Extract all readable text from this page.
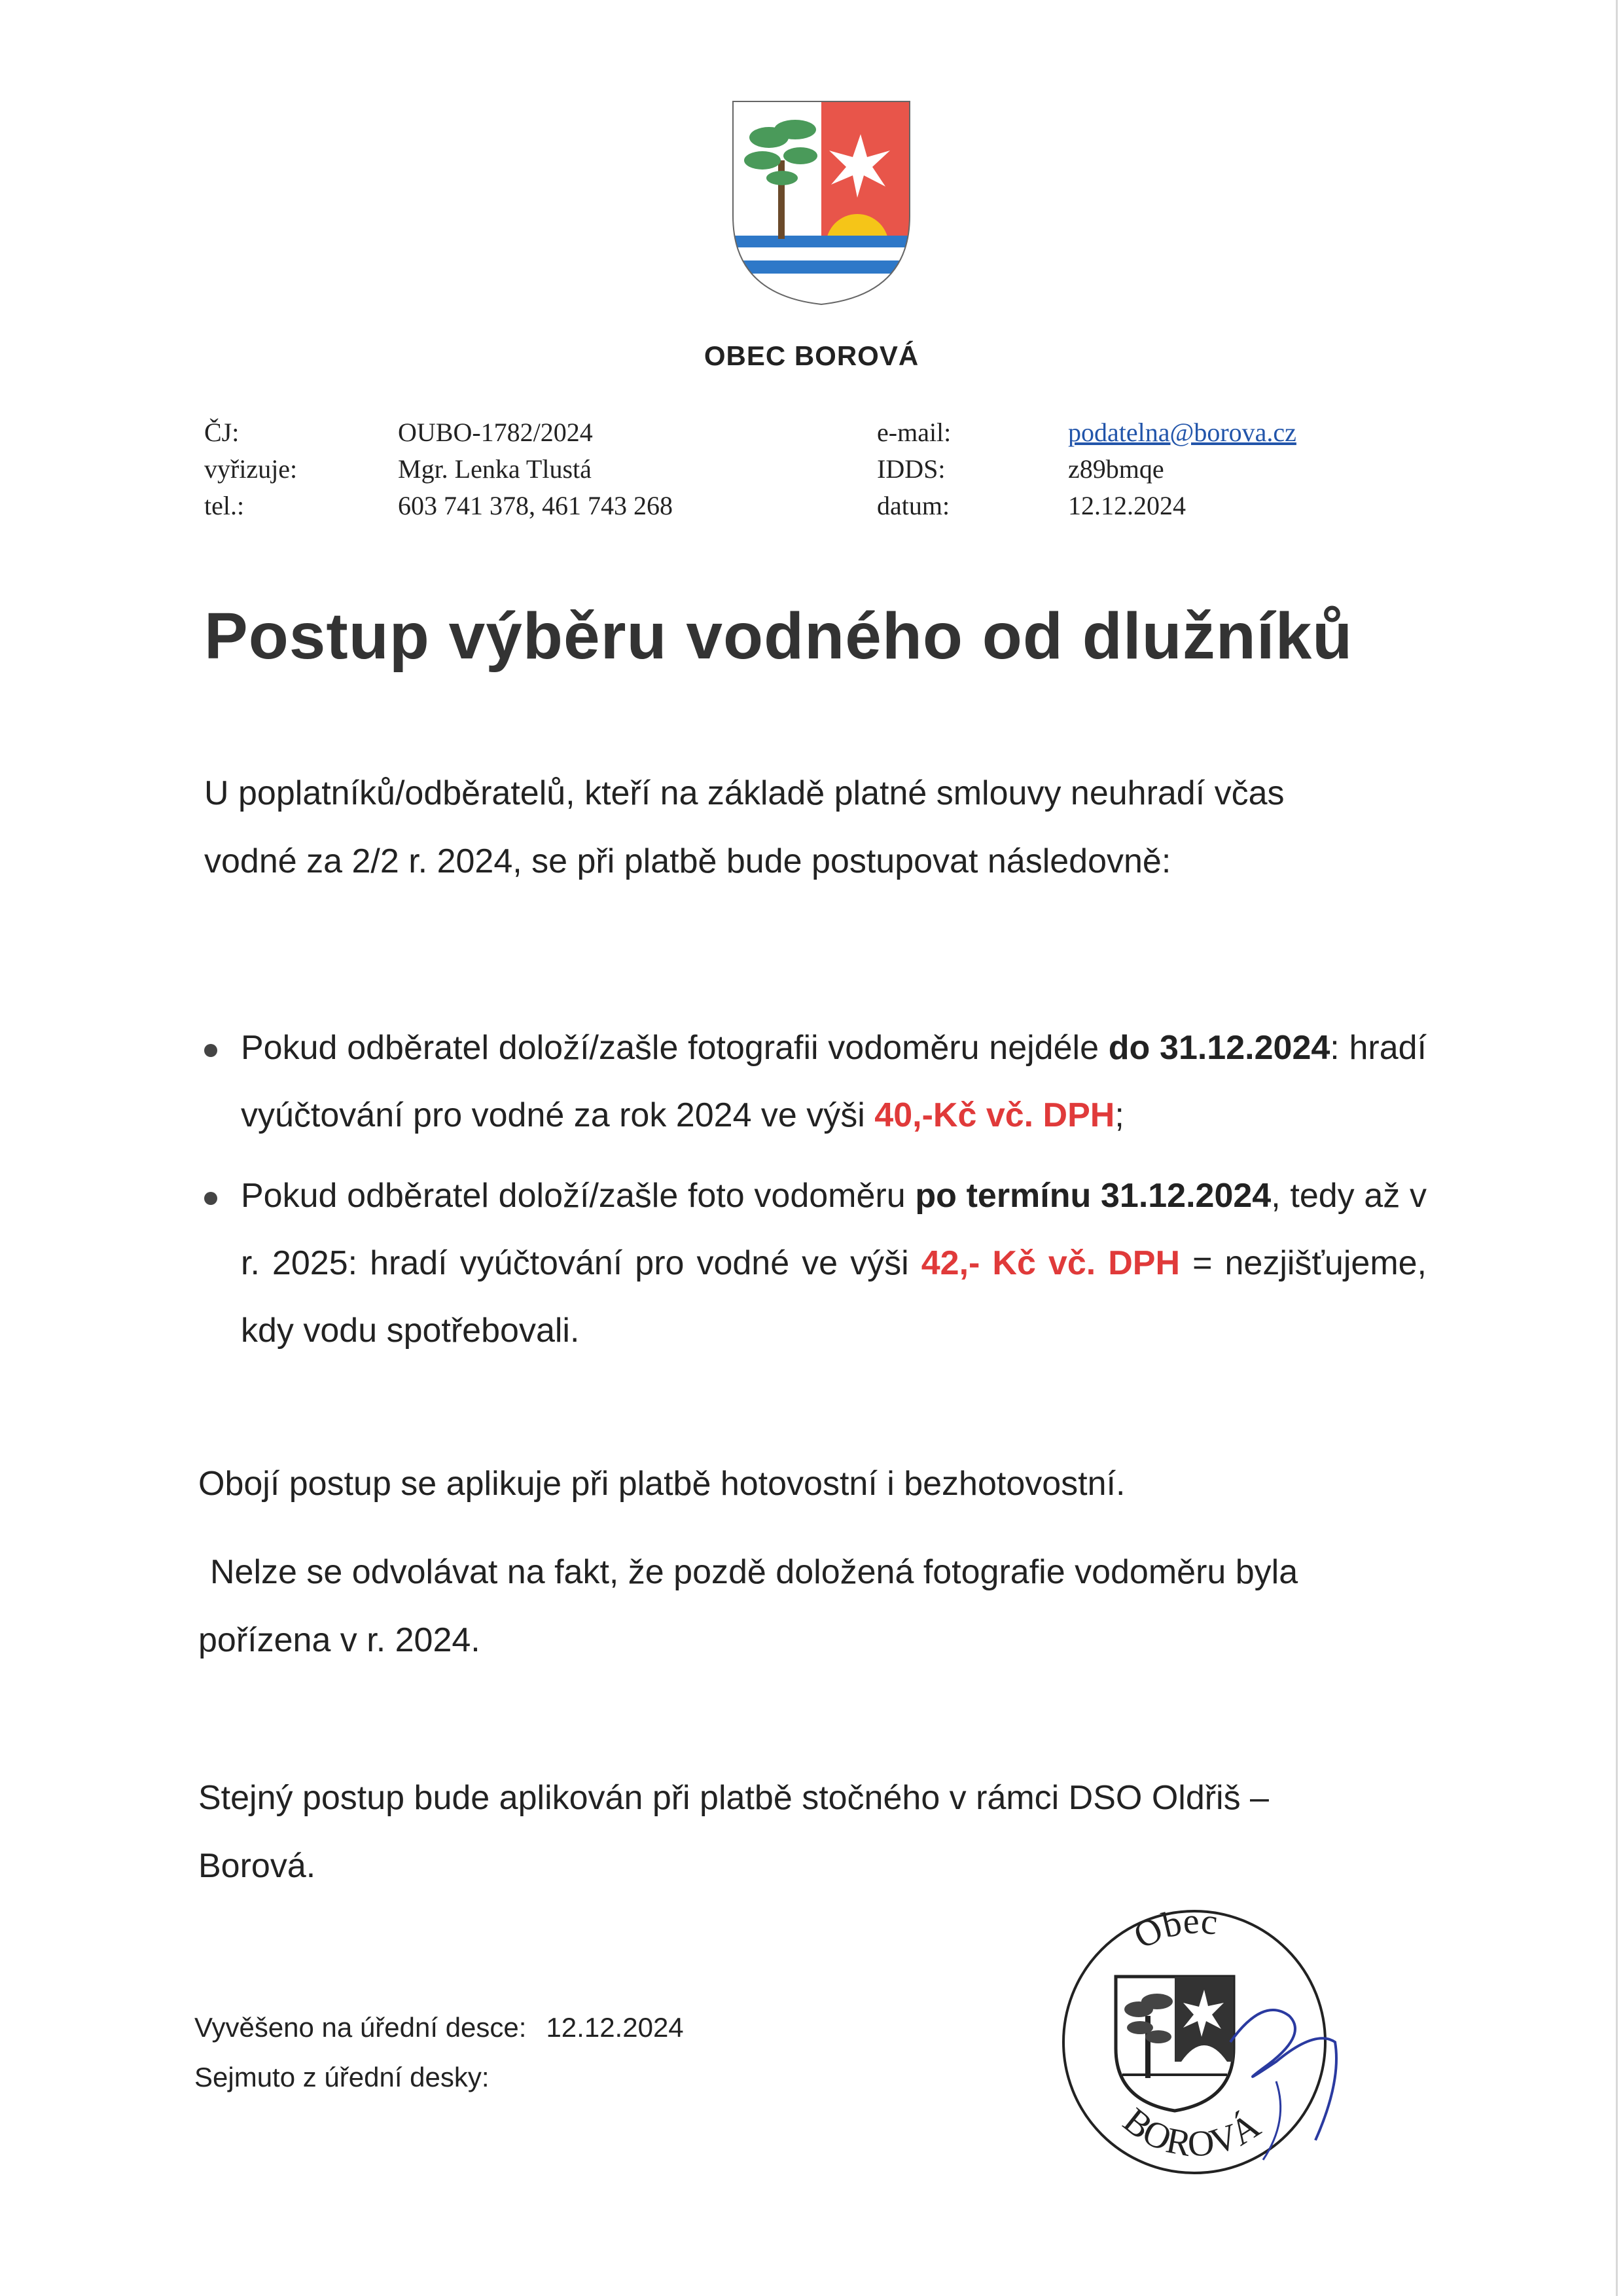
OBEC BOROVÁ
ČJ:
vyřizuje:
tel.:
OUBO-1782/2024
Mgr. Lenka Tlustá
603 741 378, 461 743 268
e-mail:
IDDS:
datum:
podatelna@borova.cz
z89bmqe
12.12.2024
Postup výběru vodného od dlužníků
U poplatníků/odběratelů, kteří na základě platné smlouvy neuhradí včas
vodné za 2/2 r. 2024, se při platbě bude postupovat následovně:
Pokud odběratel doloží/zašle fotografii vodoměru nejdéle do 31.12.2024: hradí vyúčtování pro vodné za rok 2024 ve výši 40,-Kč vč. DPH;
Pokud odběratel doloží/zašle foto vodoměru po termínu 31.12.2024, tedy až v r. 2025: hradí vyúčtování pro vodné ve výši 42,- Kč vč. DPH = nezjišťujeme, kdy vodu spotřebovali.
Obojí postup se aplikuje při platbě hotovostní i bezhotovostní.
Nelze se odvolávat na fakt, že pozdě doložená fotografie vodoměru byla
pořízena v r. 2024.
Stejný postup bude aplikován při platbě stočného v rámci DSO Oldřiš –
Borová.
Vyvěšeno na úřední desce: 12.12.2024
Sejmuto z úřední desky:
Obec
BOROVÁ
